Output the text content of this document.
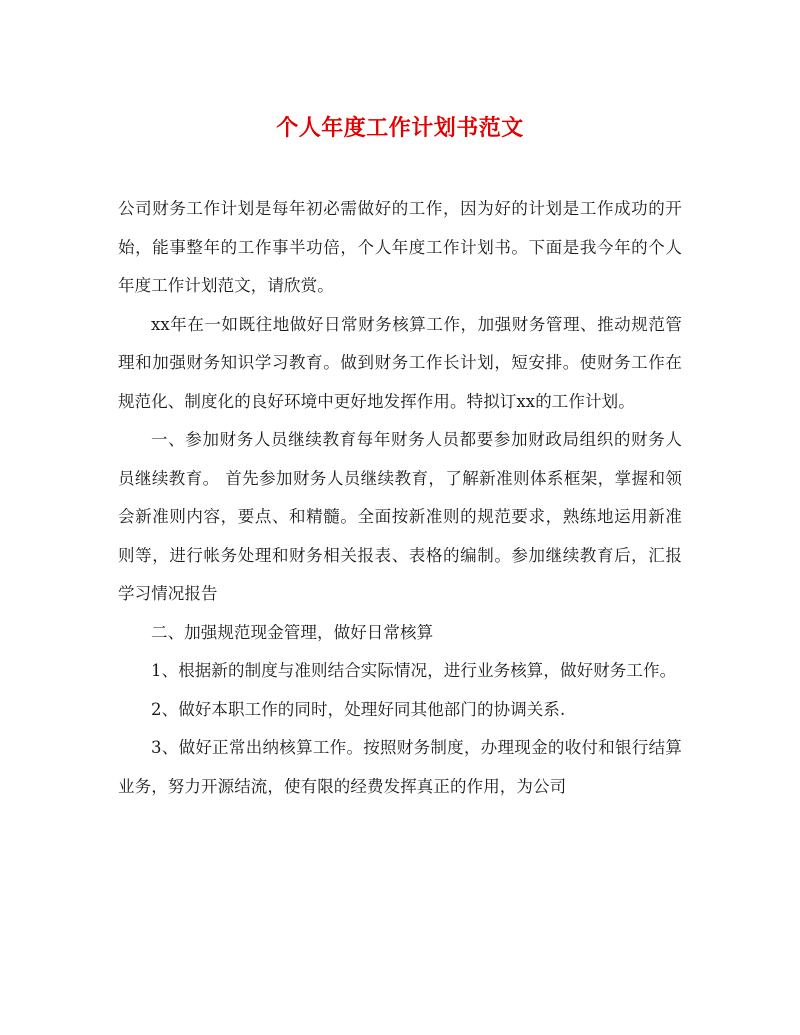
个人年度工作计划书范文

公司财务工作计划是每年初必需做好的工作，因为好的计划是工作成功的开始，能事整年的工作事半功倍，个人年度工作计划书。下面是我今年的个人年度工作计划范文，请欣赏。

xx年在一如既往地做好日常财务核算工作，加强财务管理、推动规范管理和加强财务知识学习教育。做到财务工作长计划，短安排。使财务工作在规范化、制度化的良好环境中更好地发挥作用。特拟订xx的工作计划。

一、参加财务人员继续教育每年财务人员都要参加财政局组织的财务人员继续教育。 首先参加财务人员继续教育，了解新准则体系框架，掌握和领会新准则内容，要点、和精髓。全面按新准则的规范要求，熟练地运用新准则等，进行帐务处理和财务相关报表、表格的编制。参加继续教育后，汇报学习情况报告

二、加强规范现金管理，做好日常核算

1、根据新的制度与准则结合实际情况，进行业务核算，做好财务工作。

2、做好本职工作的同时，处理好同其他部门的协调关系.

3、做好正常出纳核算工作。按照财务制度，办理现金的收付和银行结算业务，努力开源结流，使有限的经费发挥真正的作用，为公司
